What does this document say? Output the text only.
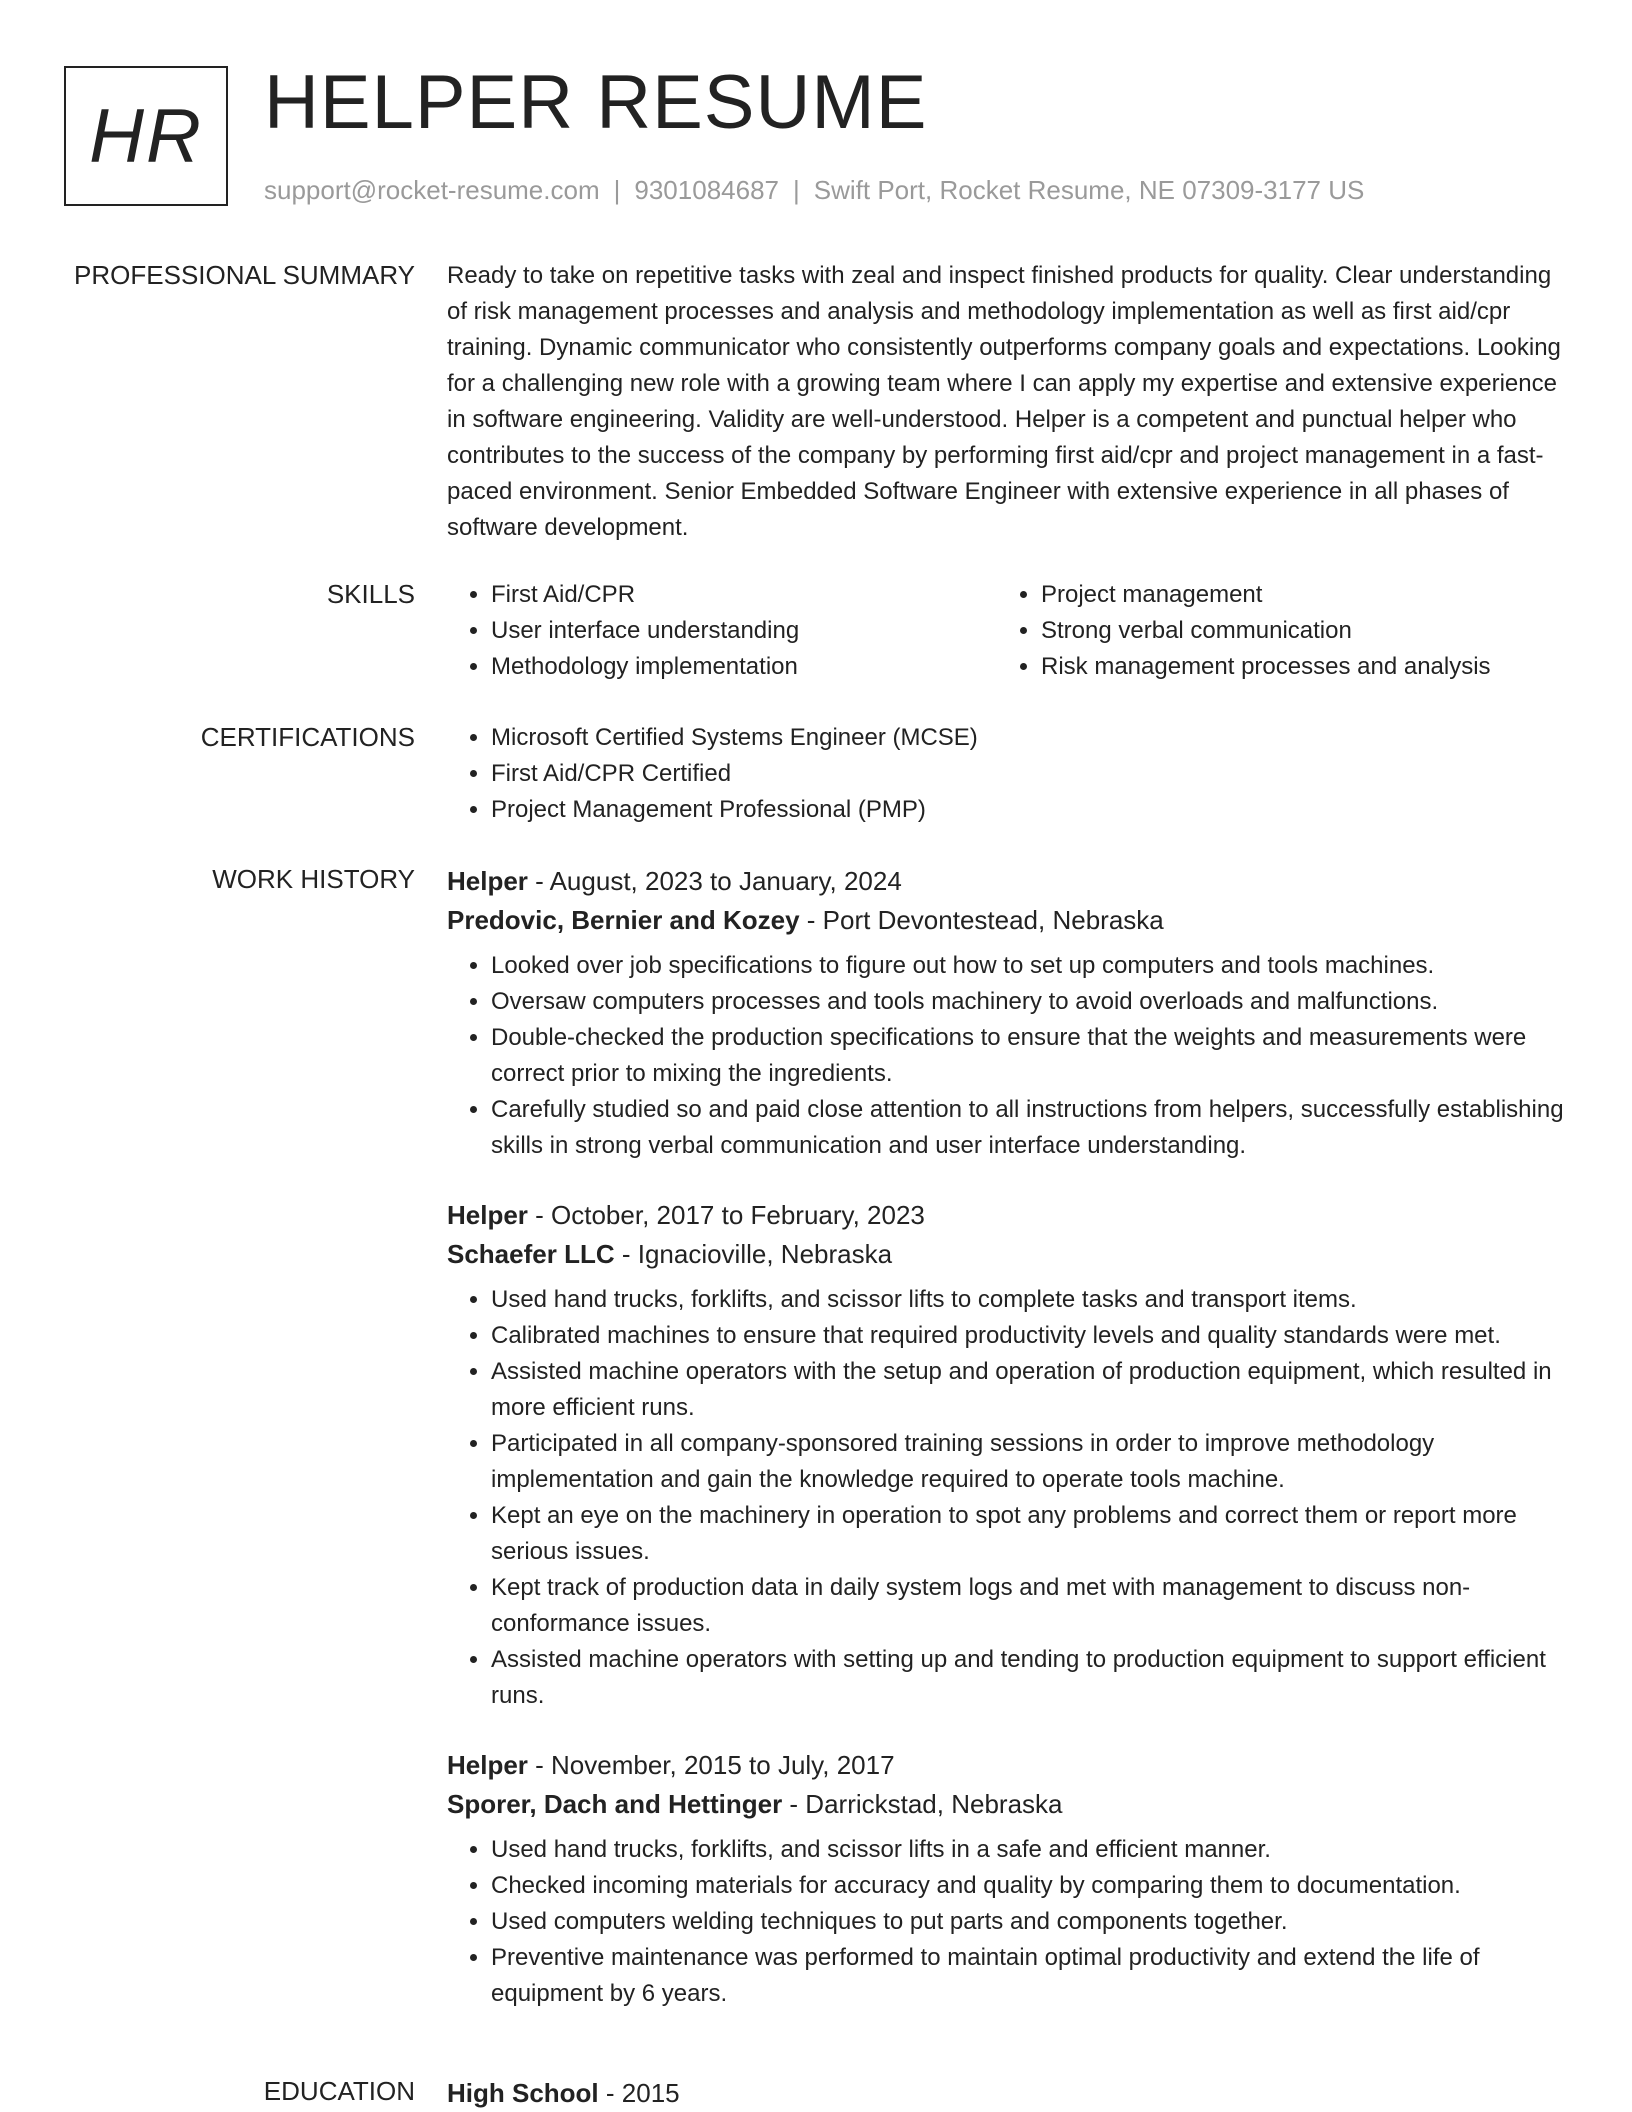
HR HELPER RESUME
support@rocket-resume.com | 9301084687 | Swift Port, Rocket Resume, NE 07309-3177 US
PROFESSIONAL SUMMARY Ready to take on repetitive tasks with zeal and inspect finished products for quality. Clear understanding of risk management processes and analysis and methodology implementation as well as first aid/cpr training. Dynamic communicator who consistently outperforms company goals and expectations. Looking for a challenging new role with a growing team where I can apply my expertise and extensive experience in software engineering. Validity are well-understood. Helper is a competent and punctual helper who contributes to the success of the company by performing first aid/cpr and project management in a fast-paced environment. Senior Embedded Software Engineer with extensive experience in all phases of software development.

SKILLS	• First Aid/CPR
• User interface understanding
• Methodology implementation
• Project management
• Strong verbal communication
• Risk management processes and analysis
CERTIFICATIONS	• Microsoft Certified Systems Engineer (MCSE)
• First Aid/CPR Certified
• Project Management Professional (PMP)
WORK HISTORY Helper - August, 2023 to January, 2024
Predovic, Bernier and Kozey - Port Devontestead, Nebraska
• Looked over job specifications to figure out how to set up computers and tools machines.
• Oversaw computers processes and tools machinery to avoid overloads and malfunctions.
• Double-checked the production specifications to ensure that the weights and measurements were correct prior to mixing the ingredients.
• Carefully studied so and paid close attention to all instructions from helpers, successfully establishing skills in strong verbal communication and user interface understanding.
Helper - October, 2017 to February, 2023
Schaefer LLC - Ignacioville, Nebraska
• Used hand trucks, forklifts, and scissor lifts to complete tasks and transport items.
• Calibrated machines to ensure that required productivity levels and quality standards were met.
• Assisted machine operators with the setup and operation of production equipment, which resulted in more efficient runs.
• Participated in all company-sponsored training sessions in order to improve methodology implementation and gain the knowledge required to operate tools machine.
• Kept an eye on the machinery in operation to spot any problems and correct them or report more serious issues.
• Kept track of production data in daily system logs and met with management to discuss non-conformance issues.
• Assisted machine operators with setting up and tending to production equipment to support efficient runs.
Helper - November, 2015 to July, 2017
Sporer, Dach and Hettinger - Darrickstad, Nebraska
• Used hand trucks, forklifts, and scissor lifts in a safe and efficient manner.
• Checked incoming materials for accuracy and quality by comparing them to documentation.
• Used computers welding techniques to put parts and components together.
• Preventive maintenance was performed to maintain optimal productivity and extend the life of equipment by 6 years.
EDUCATION High School - 2015
